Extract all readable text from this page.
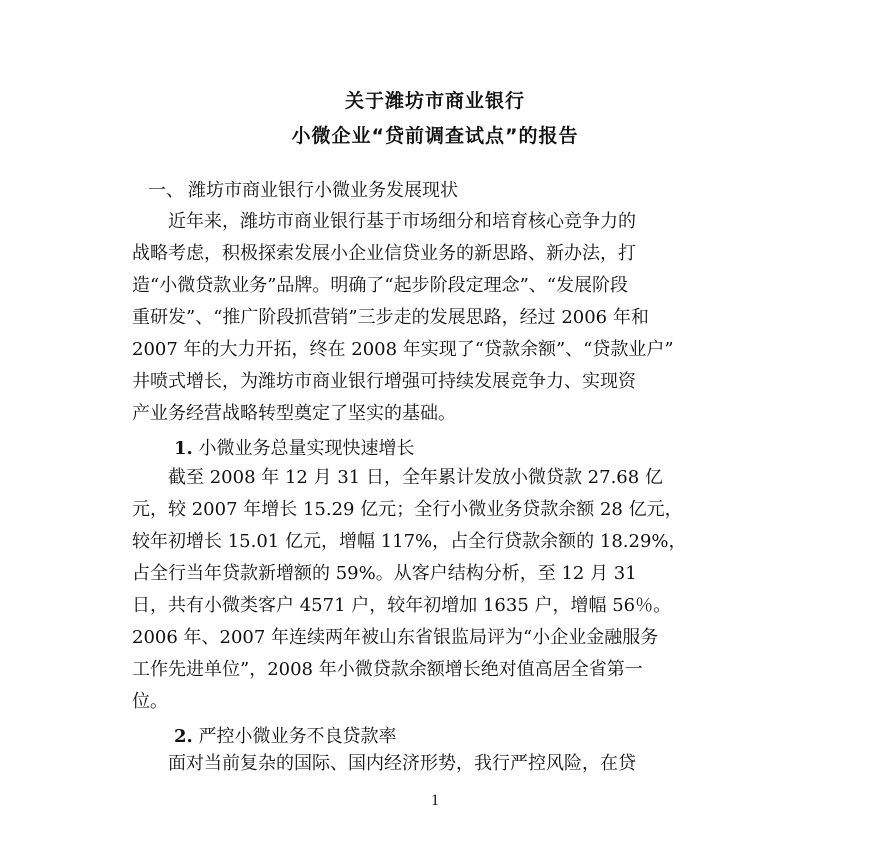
关于潍坊市商业银行
小微企业“贷前调查试点”的报告
一、 潍坊市商业银行小微业务发展现状
　　近年来，潍坊市商业银行基于市场细分和培育核心竞争力的
战略考虑，积极探索发展小企业信贷业务的新思路、新办法，打
造“小微贷款业务”品牌。明确了“起步阶段定理念”、“发展阶段
重研发”、“推广阶段抓营销”三步走的发展思路，经过 2006 年和
2007 年的大力开拓，终在 2008 年实现了“贷款余额”、“贷款业户”
井喷式增长，为潍坊市商业银行增强可持续发展竞争力、实现资
产业务经营战略转型奠定了坚实的基础。
1. 小微业务总量实现快速增长
　　截至 2008 年 12 月 31 日，全年累计发放小微贷款 27.68 亿
元，较 2007 年增长 15.29 亿元；全行小微业务贷款余额 28 亿元，
较年初增长 15.01 亿元，增幅 117%，占全行贷款余额的 18.29%，
占全行当年贷款新增额的 59%。从客户结构分析，至 12 月 31
日，共有小微类客户 4571 户，较年初增加 1635 户，增幅 56％。
2006 年、2007 年连续两年被山东省银监局评为“小企业金融服务
工作先进单位”，2008 年小微贷款余额增长绝对值高居全省第一
位。
2. 严控小微业务不良贷款率
　　面对当前复杂的国际、国内经济形势，我行严控风险，在贷
1
